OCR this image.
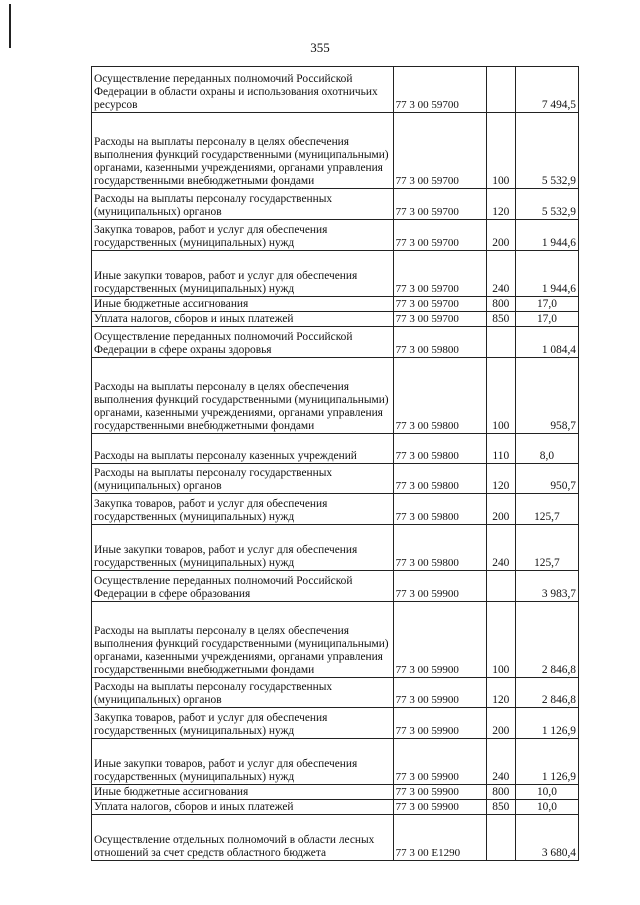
355
Осуществление переданных полномочий Российской Федерации в области охраны и использования охотничьих ресурсов	77 3 00 59700		7 494,5
Расходы на выплаты персоналу в целях обеспечения выполнения функций государственными (муниципальными) органами, казенными учреждениями, органами управления государственными внебюджетными фондами	77 3 00 59700	100	5 532,9
Расходы на выплаты персоналу государственных (муниципальных) органов	77 3 00 59700	120	5 532,9
Закупка товаров, работ и услуг для обеспечения государственных (муниципальных) нужд	77 3 00 59700	200	1 944,6
Иные закупки товаров, работ и услуг для обеспечения государственных (муниципальных) нужд	77 3 00 59700	240	1 944,6
Иные бюджетные ассигнования	77 3 00 59700	800	17,0
Уплата налогов, сборов и иных платежей	77 3 00 59700	850	17,0
Осуществление переданных полномочий Российской Федерации в сфере охраны здоровья	77 3 00 59800		1 084,4
Расходы на выплаты персоналу в целях обеспечения выполнения функций государственными (муниципальными) органами, казенными учреждениями, органами управления государственными внебюджетными фондами	77 3 00 59800	100	958,7
Расходы на выплаты персоналу казенных учреждений	77 3 00 59800	110	8,0
Расходы на выплаты персоналу государственных (муниципальных) органов	77 3 00 59800	120	950,7
Закупка товаров, работ и услуг для обеспечения государственных (муниципальных) нужд	77 3 00 59800	200	125,7
Иные закупки товаров, работ и услуг для обеспечения государственных (муниципальных) нужд	77 3 00 59800	240	125,7
Осуществление переданных полномочий Российской Федерации в сфере образования	77 3 00 59900		3 983,7
Расходы на выплаты персоналу в целях обеспечения выполнения функций государственными (муниципальными) органами, казенными учреждениями, органами управления государственными внебюджетными фондами	77 3 00 59900	100	2 846,8
Расходы на выплаты персоналу государственных (муниципальных) органов	77 3 00 59900	120	2 846,8
Закупка товаров, работ и услуг для обеспечения государственных (муниципальных) нужд	77 3 00 59900	200	1 126,9
Иные закупки товаров, работ и услуг для обеспечения государственных (муниципальных) нужд	77 3 00 59900	240	1 126,9
Иные бюджетные ассигнования	77 3 00 59900	800	10,0
Уплата налогов, сборов и иных платежей	77 3 00 59900	850	10,0
Осуществление отдельных полномочий в области лесных отношений за счет средств областного бюджета	77 3 00 Е1290		3 680,4
